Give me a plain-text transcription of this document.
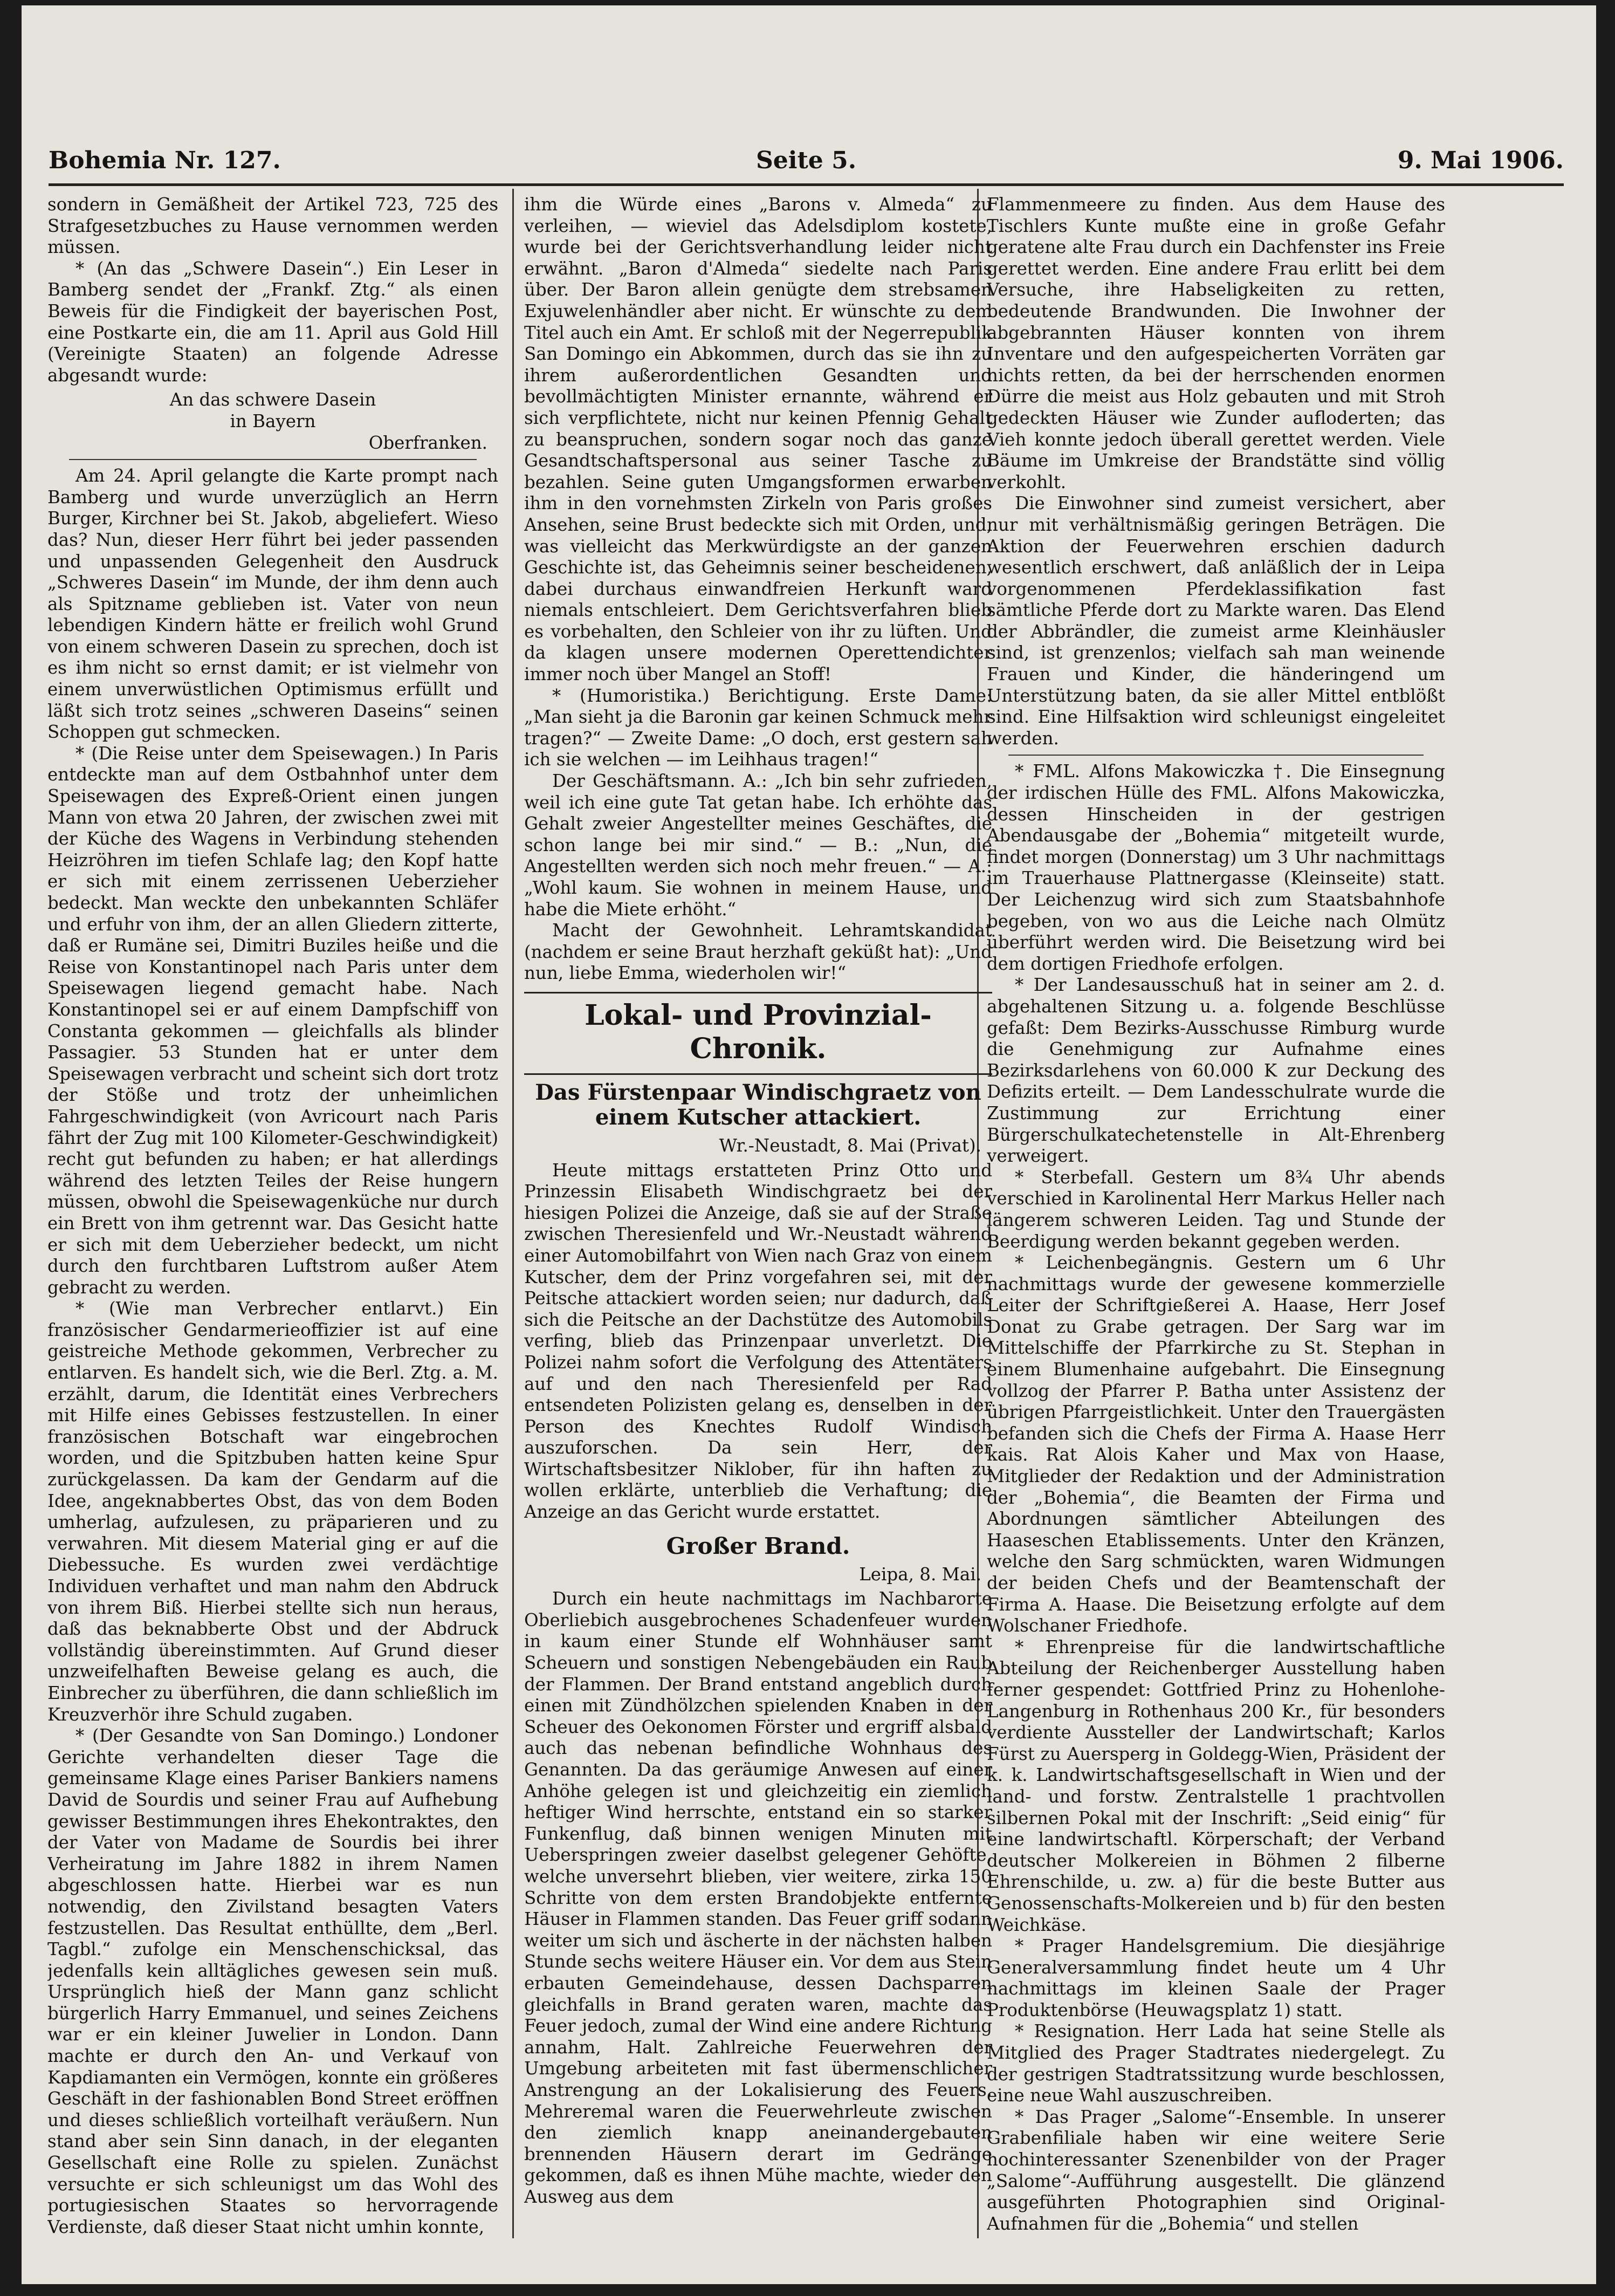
Bohemia Nr. 127.	Seite 5.	9. Mai 1906.

sondern in Gemäßheit der Artikel 723, 725 des Strafgesetzbuches zu Hause vernommen werden müssen.

* (An das „Schwere Dasein“.) Ein Leser in Bamberg sendet der „Frankf. Ztg.“ als einen Beweis für die Findigkeit der bayerischen Post, eine Postkarte ein, die am 11. April aus Gold Hill (Vereinigte Staaten) an folgende Adresse abgesandt wurde:

An das schwere Dasein
in Bayern
Oberfranken.

Am 24. April gelangte die Karte prompt nach Bamberg und wurde unverzüglich an Herrn Burger, Kirchner bei St. Jakob, abgeliefert. Wieso das? Nun, dieser Herr führt bei jeder passenden und unpassenden Gelegenheit den Ausdruck „Schweres Dasein“ im Munde, der ihm denn auch als Spitzname geblieben ist. Vater von neun lebendigen Kindern hätte er freilich wohl Grund von einem schweren Dasein zu sprechen, doch ist es ihm nicht so ernst damit; er ist vielmehr von einem unverwüstlichen Optimismus erfüllt und läßt sich trotz seines „schweren Daseins“ seinen Schoppen gut schmecken.

* (Die Reise unter dem Speisewagen.) In Paris entdeckte man auf dem Ostbahnhof unter dem Speisewagen des Expreß-Orient einen jungen Mann von etwa 20 Jahren, der zwischen zwei mit der Küche des Wagens in Verbindung stehenden Heizröhren im tiefen Schlafe lag; den Kopf hatte er sich mit einem zerrissenen Ueberzieher bedeckt. Man weckte den unbekannten Schläfer und erfuhr von ihm, der an allen Gliedern zitterte, daß er Rumäne sei, Dimitri Buziles heiße und die Reise von Konstantinopel nach Paris unter dem Speisewagen liegend gemacht habe. Nach Konstantinopel sei er auf einem Dampfschiff von Constanta gekommen — gleichfalls als blinder Passagier. 53 Stunden hat er unter dem Speisewagen verbracht und scheint sich dort trotz der Stöße und trotz der unheimlichen Fahrgeschwindigkeit (von Avricourt nach Paris fährt der Zug mit 100 Kilometer-Geschwindigkeit) recht gut befunden zu haben; er hat allerdings während des letzten Teiles der Reise hungern müssen, obwohl die Speisewagenküche nur durch ein Brett von ihm getrennt war. Das Gesicht hatte er sich mit dem Ueberzieher bedeckt, um nicht durch den furchtbaren Luftstrom außer Atem gebracht zu werden.

* (Wie man Verbrecher entlarvt.) Ein französischer Gendarmerieoffizier ist auf eine geistreiche Methode gekommen, Verbrecher zu entlarven. Es handelt sich, wie die Berl. Ztg. a. M. erzählt, darum, die Identität eines Verbrechers mit Hilfe eines Gebisses festzustellen. In einer französischen Botschaft war eingebrochen worden, und die Spitzbuben hatten keine Spur zurückgelassen. Da kam der Gendarm auf die Idee, angeknabbertes Obst, das von dem Boden umherlag, aufzulesen, zu präparieren und zu verwahren. Mit diesem Material ging er auf die Diebessuche. Es wurden zwei verdächtige Individuen verhaftet und man nahm den Abdruck von ihrem Biß. Hierbei stellte sich nun heraus, daß das beknabberte Obst und der Abdruck vollständig übereinstimmten. Auf Grund dieser unzweifelhaften Beweise gelang es auch, die Einbrecher zu überführen, die dann schließlich im Kreuzverhör ihre Schuld zugaben.

* (Der Gesandte von San Domingo.) Londoner Gerichte verhandelten dieser Tage die gemeinsame Klage eines Pariser Bankiers namens David de Sourdis und seiner Frau auf Aufhebung gewisser Bestimmungen ihres Ehekontraktes, den der Vater von Madame de Sourdis bei ihrer Verheiratung im Jahre 1882 in ihrem Namen abgeschlossen hatte. Hierbei war es nun notwendig, den Zivilstand besagten Vaters festzustellen. Das Resultat enthüllte, dem „Berl. Tagbl.“ zufolge ein Menschenschicksal, das jedenfalls kein alltägliches gewesen sein muß. Ursprünglich hieß der Mann ganz schlicht bürgerlich Harry Emmanuel, und seines Zeichens war er ein kleiner Juwelier in London. Dann machte er durch den An- und Verkauf von Kapdiamanten ein Vermögen, konnte ein größeres Geschäft in der fashionablen Bond Street eröffnen und dieses schließlich vorteilhaft veräußern. Nun stand aber sein Sinn danach, in der eleganten Gesellschaft eine Rolle zu spielen. Zunächst versuchte er sich schleunigst um das Wohl des portugiesischen Staates so hervorragende Verdienste, daß dieser Staat nicht umhin konnte,

ihm die Würde eines „Barons v. Almeda“ zu verleihen, — wieviel das Adelsdiplom kostete, wurde bei der Gerichtsverhandlung leider nicht erwähnt. „Baron d'Almeda“ siedelte nach Paris über. Der Baron allein genügte dem strebsamen Exjuwelenhändler aber nicht. Er wünschte zu dem Titel auch ein Amt. Er schloß mit der Negerrepublik San Domingo ein Abkommen, durch das sie ihn zu ihrem außerordentlichen Gesandten und bevollmächtigten Minister ernannte, während er sich verpflichtete, nicht nur keinen Pfennig Gehalt zu beanspruchen, sondern sogar noch das ganze Gesandtschaftspersonal aus seiner Tasche zu bezahlen. Seine guten Umgangsformen erwarben ihm in den vornehmsten Zirkeln von Paris großes Ansehen, seine Brust bedeckte sich mit Orden, und, was vielleicht das Merkwürdigste an der ganzen Geschichte ist, das Geheimnis seiner bescheidenen, dabei durchaus einwandfreien Herkunft ward niemals entschleiert. Dem Gerichtsverfahren blieb es vorbehalten, den Schleier von ihr zu lüften. Und da klagen unsere modernen Operettendichter immer noch über Mangel an Stoff!

* (Humoristika.) Berichtigung. Erste Dame: „Man sieht ja die Baronin gar keinen Schmuck mehr tragen?“ — Zweite Dame: „O doch, erst gestern sah ich sie welchen — im Leihhaus tragen!“

Der Geschäftsmann. A.: „Ich bin sehr zufrieden, weil ich eine gute Tat getan habe. Ich erhöhte das Gehalt zweier Angestellter meines Geschäftes, die schon lange bei mir sind.“ — B.: „Nun, die Angestellten werden sich noch mehr freuen.“ — A.: „Wohl kaum. Sie wohnen in meinem Hause, und habe die Miete erhöht.“

Macht der Gewohnheit. Lehramtskandidat (nachdem er seine Braut herzhaft geküßt hat): „Und nun, liebe Emma, wiederholen wir!“

Lokal- und Provinzial-Chronik.
Das Fürstenpaar Windischgraetz von einem Kutscher attackiert.
Wr.-Neustadt, 8. Mai (Privat).

Heute mittags erstatteten Prinz Otto und Prinzessin Elisabeth Windischgraetz bei der hiesigen Polizei die Anzeige, daß sie auf der Straße zwischen Theresienfeld und Wr.-Neustadt während einer Automobilfahrt von Wien nach Graz von einem Kutscher, dem der Prinz vorgefahren sei, mit der Peitsche attackiert worden seien; nur dadurch, daß sich die Peitsche an der Dachstütze des Automobils verfing, blieb das Prinzenpaar unverletzt. Die Polizei nahm sofort die Verfolgung des Attentäters auf und den nach Theresienfeld per Rad entsendeten Polizisten gelang es, denselben in der Person des Knechtes Rudolf Windisch auszuforschen. Da sein Herr, der Wirtschaftsbesitzer Niklober, für ihn haften zu wollen erklärte, unterblieb die Verhaftung; die Anzeige an das Gericht wurde erstattet.

Großer Brand.
Leipa, 8. Mai.

Durch ein heute nachmittags im Nachbarorte Oberliebich ausgebrochenes Schadenfeuer wurden in kaum einer Stunde elf Wohnhäuser samt Scheuern und sonstigen Nebengebäuden ein Raub der Flammen. Der Brand entstand angeblich durch einen mit Zündhölzchen spielenden Knaben in der Scheuer des Oekonomen Förster und ergriff alsbald auch das nebenan befindliche Wohnhaus des Genannten. Da das geräumige Anwesen auf einer Anhöhe gelegen ist und gleichzeitig ein ziemlich heftiger Wind herrschte, entstand ein so starker Funkenflug, daß binnen wenigen Minuten mit Ueberspringen zweier daselbst gelegener Gehöfte, welche unversehrt blieben, vier weitere, zirka 150 Schritte von dem ersten Brandobjekte entfernte Häuser in Flammen standen. Das Feuer griff sodann weiter um sich und äscherte in der nächsten halben Stunde sechs weitere Häuser ein. Vor dem aus Stein erbauten Gemeindehause, dessen Dachsparren gleichfalls in Brand geraten waren, machte das Feuer jedoch, zumal der Wind eine andere Richtung annahm, Halt. Zahlreiche Feuerwehren der Umgebung arbeiteten mit fast übermenschlicher Anstrengung an der Lokalisierung des Feuers. Mehreremal waren die Feuerwehrleute zwischen den ziemlich knapp aneinandergebauten brennenden Häusern derart im Gedränge gekommen, daß es ihnen Mühe machte, wieder den Ausweg aus dem

Flammenmeere zu finden. Aus dem Hause des Tischlers Kunte mußte eine in große Gefahr geratene alte Frau durch ein Dachfenster ins Freie gerettet werden. Eine andere Frau erlitt bei dem Versuche, ihre Habseligkeiten zu retten, bedeutende Brandwunden. Die Inwohner der abgebrannten Häuser konnten von ihrem Inventare und den aufgespeicherten Vorräten gar nichts retten, da bei der herrschenden enormen Dürre die meist aus Holz gebauten und mit Stroh gedeckten Häuser wie Zunder aufloderten; das Vieh konnte jedoch überall gerettet werden. Viele Bäume im Umkreise der Brandstätte sind völlig verkohlt.

Die Einwohner sind zumeist versichert, aber nur mit verhältnismäßig geringen Beträgen. Die Aktion der Feuerwehren erschien dadurch wesentlich erschwert, daß anläßlich der in Leipa vorgenommenen Pferdeklassifikation fast sämtliche Pferde dort zu Markte waren. Das Elend der Abbrändler, die zumeist arme Kleinhäusler sind, ist grenzenlos; vielfach sah man weinende Frauen und Kinder, die händeringend um Unterstützung baten, da sie aller Mittel entblößt sind. Eine Hilfsaktion wird schleunigst eingeleitet werden.

* FML. Alfons Makowiczka †. Die Einsegnung der irdischen Hülle des FML. Alfons Makowiczka, dessen Hinscheiden in der gestrigen Abendausgabe der „Bohemia“ mitgeteilt wurde, findet morgen (Donnerstag) um 3 Uhr nachmittags im Trauerhause Plattnergasse (Kleinseite) statt. Der Leichenzug wird sich zum Staatsbahnhofe begeben, von wo aus die Leiche nach Olmütz überführt werden wird. Die Beisetzung wird bei dem dortigen Friedhofe erfolgen.

* Der Landesausschuß hat in seiner am 2. d. abgehaltenen Sitzung u. a. folgende Beschlüsse gefaßt: Dem Bezirks-Ausschusse Rimburg wurde die Genehmigung zur Aufnahme eines Bezirksdarlehens von 60.000 K zur Deckung des Defizits erteilt. — Dem Landesschulrate wurde die Zustimmung zur Errichtung einer Bürgerschulkatechetenstelle in Alt-Ehrenberg verweigert.

* Sterbefall. Gestern um 8¾ Uhr abends verschied in Karolinental Herr Markus Heller nach längerem schweren Leiden. Tag und Stunde der Beerdigung werden bekannt gegeben werden.

* Leichenbegängnis. Gestern um 6 Uhr nachmittags wurde der gewesene kommerzielle Leiter der Schriftgießerei A. Haase, Herr Josef Donat zu Grabe getragen. Der Sarg war im Mittelschiffe der Pfarrkirche zu St. Stephan in einem Blumenhaine aufgebahrt. Die Einsegnung vollzog der Pfarrer P. Batha unter Assistenz der übrigen Pfarrgeistlichkeit. Unter den Trauergästen befanden sich die Chefs der Firma A. Haase Herr kais. Rat Alois Kaher und Max von Haase, Mitglieder der Redaktion und der Administration der „Bohemia“, die Beamten der Firma und Abordnungen sämtlicher Abteilungen des Haaseschen Etablissements. Unter den Kränzen, welche den Sarg schmückten, waren Widmungen der beiden Chefs und der Beamtenschaft der Firma A. Haase. Die Beisetzung erfolgte auf dem Wolschaner Friedhofe.

* Ehrenpreise für die landwirtschaftliche Abteilung der Reichenberger Ausstellung haben ferner gespendet: Gottfried Prinz zu Hohenlohe-Langenburg in Rothenhaus 200 Kr., für besonders verdiente Aussteller der Landwirtschaft; Karlos Fürst zu Auersperg in Goldegg-Wien, Präsident der k. k. Landwirtschaftsgesellschaft in Wien und der land- und forstw. Zentralstelle 1 prachtvollen silbernen Pokal mit der Inschrift: „Seid einig“ für eine landwirtschaftl. Körperschaft; der Verband deutscher Molkereien in Böhmen 2 filberne Ehrenschilde, u. zw. a) für die beste Butter aus Genossenschafts-Molkereien und b) für den besten Weichkäse.

* Prager Handelsgremium. Die diesjährige Generalversammlung findet heute um 4 Uhr nachmittags im kleinen Saale der Prager Produktenbörse (Heuwagsplatz 1) statt.

* Resignation. Herr Lada hat seine Stelle als Mitglied des Prager Stadtrates niedergelegt. Zu der gestrigen Stadtratssitzung wurde beschlossen, eine neue Wahl auszuschreiben.

* Das Prager „Salome“-Ensemble. In unserer Grabenfiliale haben wir eine weitere Serie hochinteressanter Szenenbilder von der Prager „Salome“-Aufführung ausgestellt. Die glänzend ausgeführten Photographien sind Original-Aufnahmen für die „Bohemia“ und stellen
